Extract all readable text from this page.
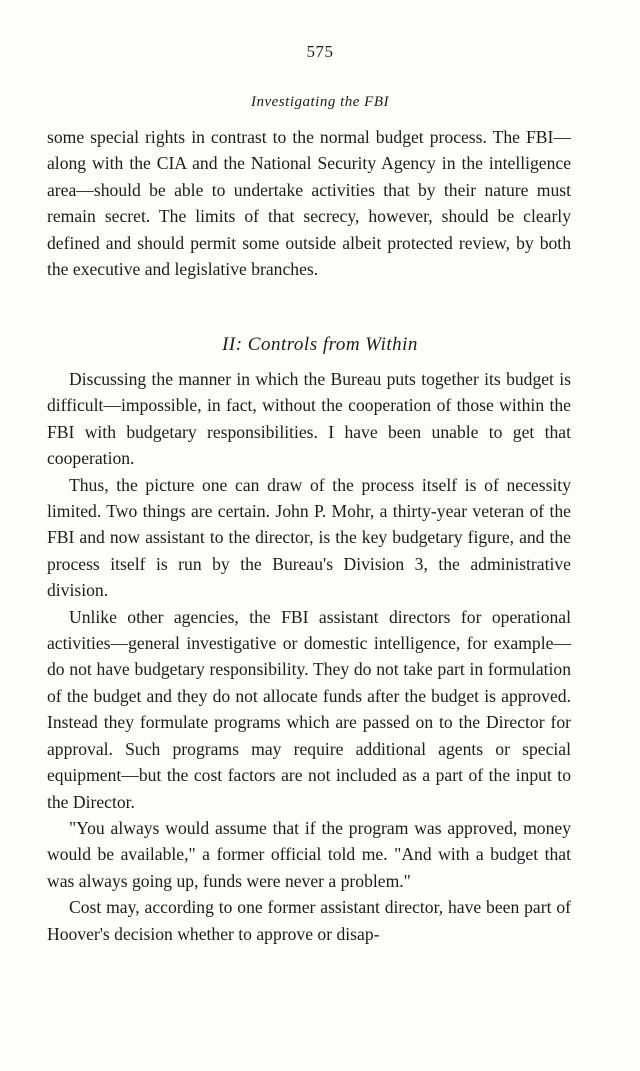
575
Investigating the FBI

some special rights in contrast to the normal budget process. The FBI—along with the CIA and the National Security Agency in the intelligence area—should be able to undertake activities that by their nature must remain secret. The limits of that secrecy, however, should be clearly defined and should permit some outside albeit protected review, by both the executive and legislative branches.

II: Controls from Within

Discussing the manner in which the Bureau puts together its budget is difficult—impossible, in fact, without the cooperation of those within the FBI with budgetary responsibilities. I have been unable to get that cooperation.

Thus, the picture one can draw of the process itself is of necessity limited. Two things are certain. John P. Mohr, a thirty-year veteran of the FBI and now assistant to the director, is the key budgetary figure, and the process itself is run by the Bureau's Division 3, the administrative division.

Unlike other agencies, the FBI assistant directors for operational activities—general investigative or domestic intelligence, for example—do not have budgetary responsibility. They do not take part in formulation of the budget and they do not allocate funds after the budget is approved. Instead they formulate programs which are passed on to the Director for approval. Such programs may require additional agents or special equipment—but the cost factors are not included as a part of the input to the Director.

"You always would assume that if the program was approved, money would be available," a former official told me. "And with a budget that was always going up, funds were never a problem."

Cost may, according to one former assistant director, have been part of Hoover's decision whether to approve or disap-
